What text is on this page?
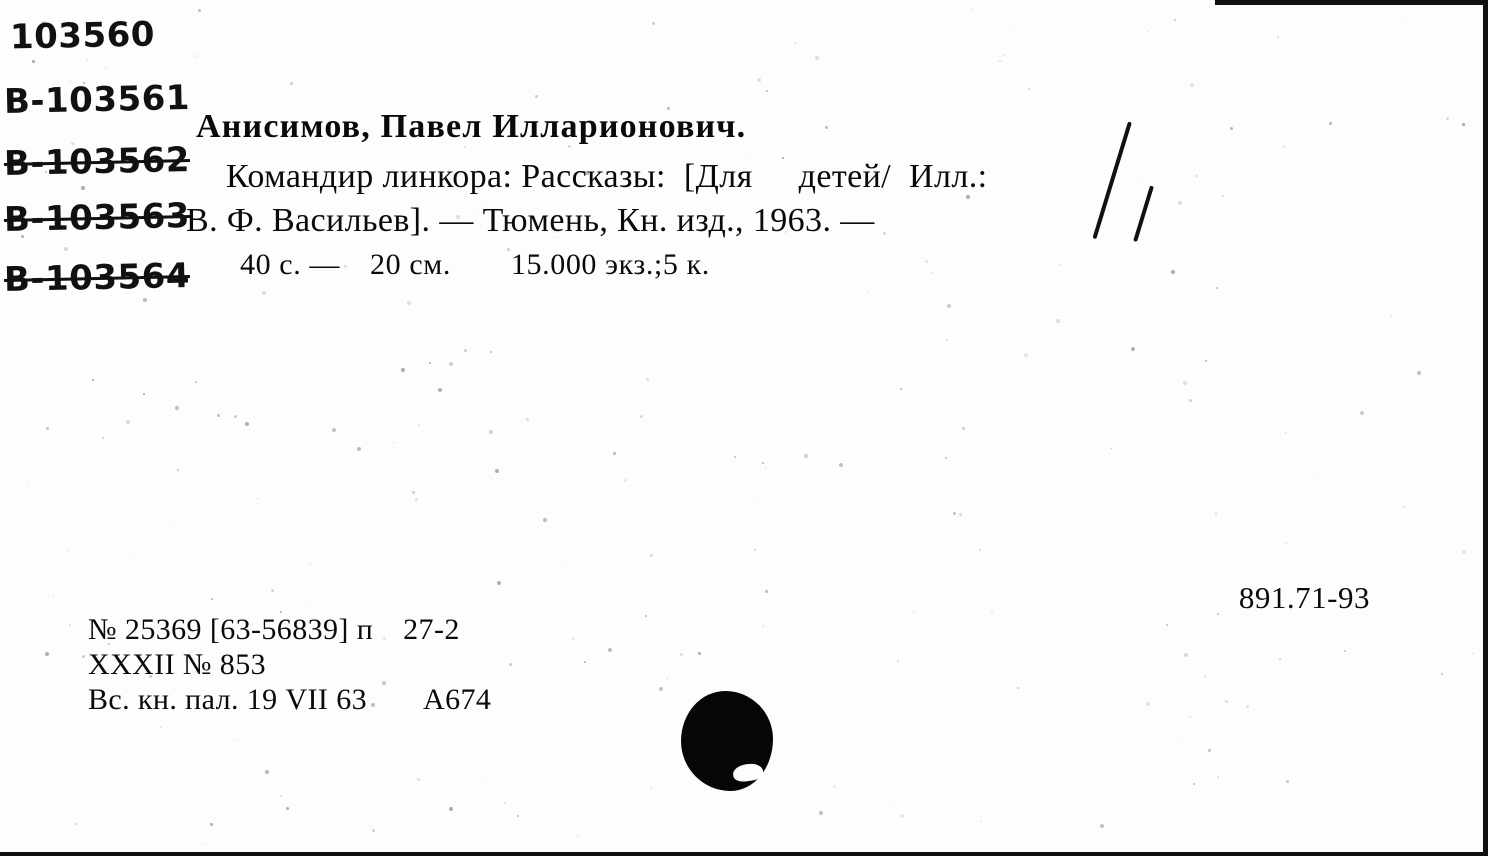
103560
B-103561
B-103562
B-103563
B-103564
Анисимов, Павел Илларионович.
Командир линкора: Рассказы: [Для детей/ Илл.:
В. Ф. Васильев]. — Тюмень, Кн. изд., 1963. —
40 с. — 20 см. 15.000 экз.;5 к.
891.71-93
№ 25369 [63-56839] п 27-2
XXXII № 853
Вс. кн. пал. 19 VII 63 А674
